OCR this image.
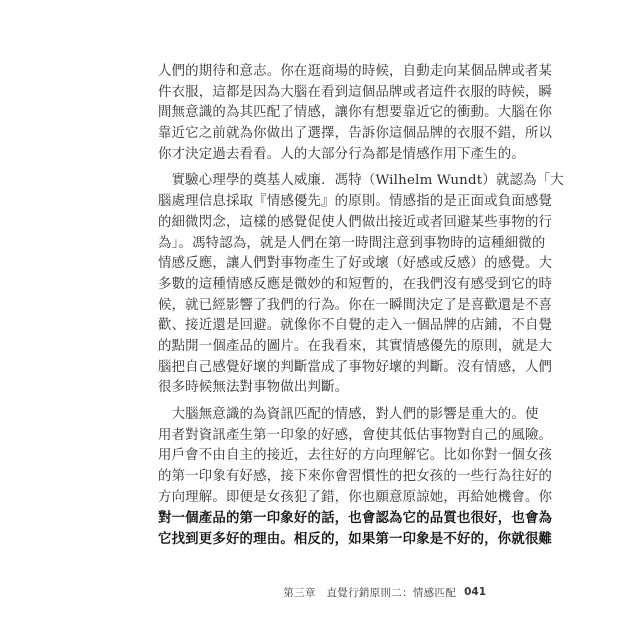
人們的期待和意志。你在逛商場的時候，自動走向某個品牌或者某
件衣服，這都是因為大腦在看到這個品牌或者這件衣服的時候，瞬
間無意識的為其匹配了情感，讓你有想要靠近它的衝動。大腦在你
靠近它之前就為你做出了選擇，告訴你這個品牌的衣服不錯，所以
你才決定過去看看。人的大部分行為都是情感作用下產生的。
　實驗心理學的奠基人威廉．馮特（Wilhelm Wundt）就認為「大
腦處理信息採取『情感優先』的原則。情感指的是正面或負面感覺
的細微閃念，這樣的感覺促使人們做出接近或者回避某些事物的行
為」。馮特認為，就是人們在第一時間注意到事物時的這種細微的
情感反應，讓人們對事物產生了好或壞（好感或反感）的感覺。大
多數的這種情感反應是微妙的和短暫的，在我們沒有感受到它的時
候，就已經影響了我們的行為。你在一瞬間決定了是喜歡還是不喜
歡、接近還是回避。就像你不自覺的走入一個品牌的店鋪，不自覺
的點開一個產品的圖片。在我看來，其實情感優先的原則，就是大
腦把自己感覺好壞的判斷當成了事物好壞的判斷。沒有情感，人們
很多時候無法對事物做出判斷。
　大腦無意識的為資訊匹配的情感，對人們的影響是重大的。使
用者對資訊產生第一印象的好感，會使其低估事物對自己的風險。
用戶會不由自主的接近，去往好的方向理解它。比如你對一個女孩
的第一印象有好感，接下來你會習慣性的把女孩的一些行為往好的
方向理解。即便是女孩犯了錯，你也願意原諒她，再給她機會。你
對一個產品的第一印象好的話，也會認為它的品質也很好，也會為
它找到更多好的理由。相反的，如果第一印象是不好的，你就很難
第三章　直覺行銷原則二：情感匹配 041
